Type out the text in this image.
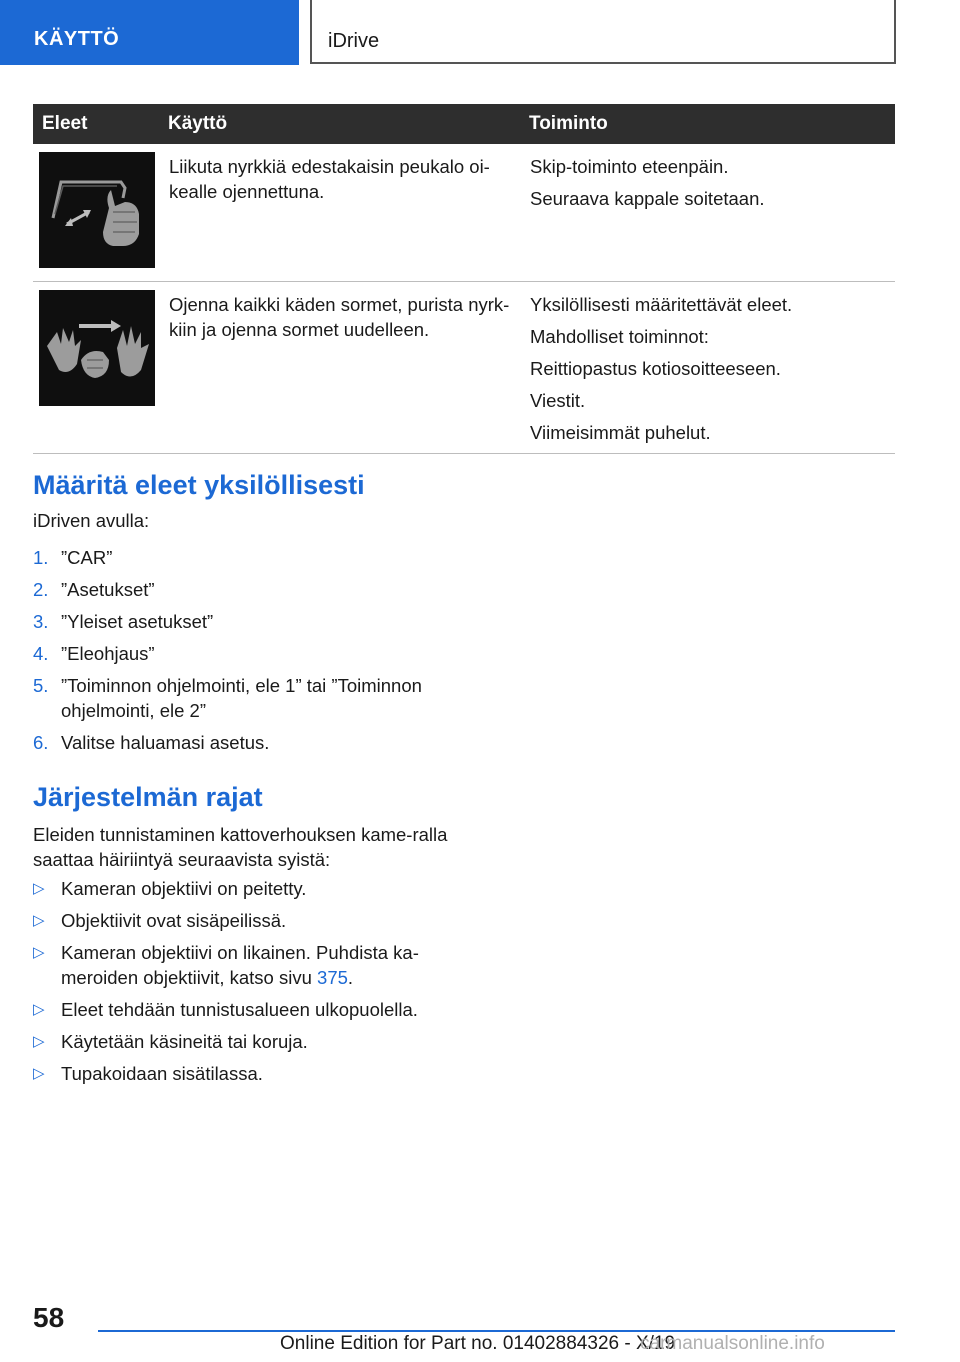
KÄYTTÖ	iDrive
Eleet	Käyttö	Toiminto

	Liikuta nyrkkiä edestakaisin peukalo oi-kealle ojennettuna.	Skip-toiminto eteenpäin.

Seuraava kappale soitetaan.

	Ojenna kaikki käden sormet, purista nyrk-kiin ja ojenna sormet uudelleen.	Yksilöllisesti määritettävät eleet.

Mahdolliset toiminnot:

Reittiopastus kotiosoitteeseen.

Viestit.

Viimeisimmät puhelut.

Määritä eleet yksilöllisesti

iDriven avulla:

1. ”CAR”
2. ”Asetukset”
3. ”Yleiset asetukset”
4. ”Eleohjaus”
5. ”Toiminnon ohjelmointi, ele 1” tai ”Toiminnon ohjelmointi, ele 2”
6. Valitse haluamasi asetus.
Järjestelmän rajat

Eleiden tunnistaminen kattoverhouksen kame-ralla saattaa häiriintyä seuraavista syistä:

▷ Kameran objektiivi on peitetty.
▷ Objektiivit ovat sisäpeilissä.
▷ Kameran objektiivi on likainen. Puhdista ka-meroiden objektiivit, katso sivu 375.
▷ Eleet tehdään tunnistusalueen ulkopuolella.
▷ Käytetään käsineitä tai koruja.
▷ Tupakoidaan sisätilassa.
58
Online Edition for Part no. 01402884326 - X/19
carmanualsonline.info
